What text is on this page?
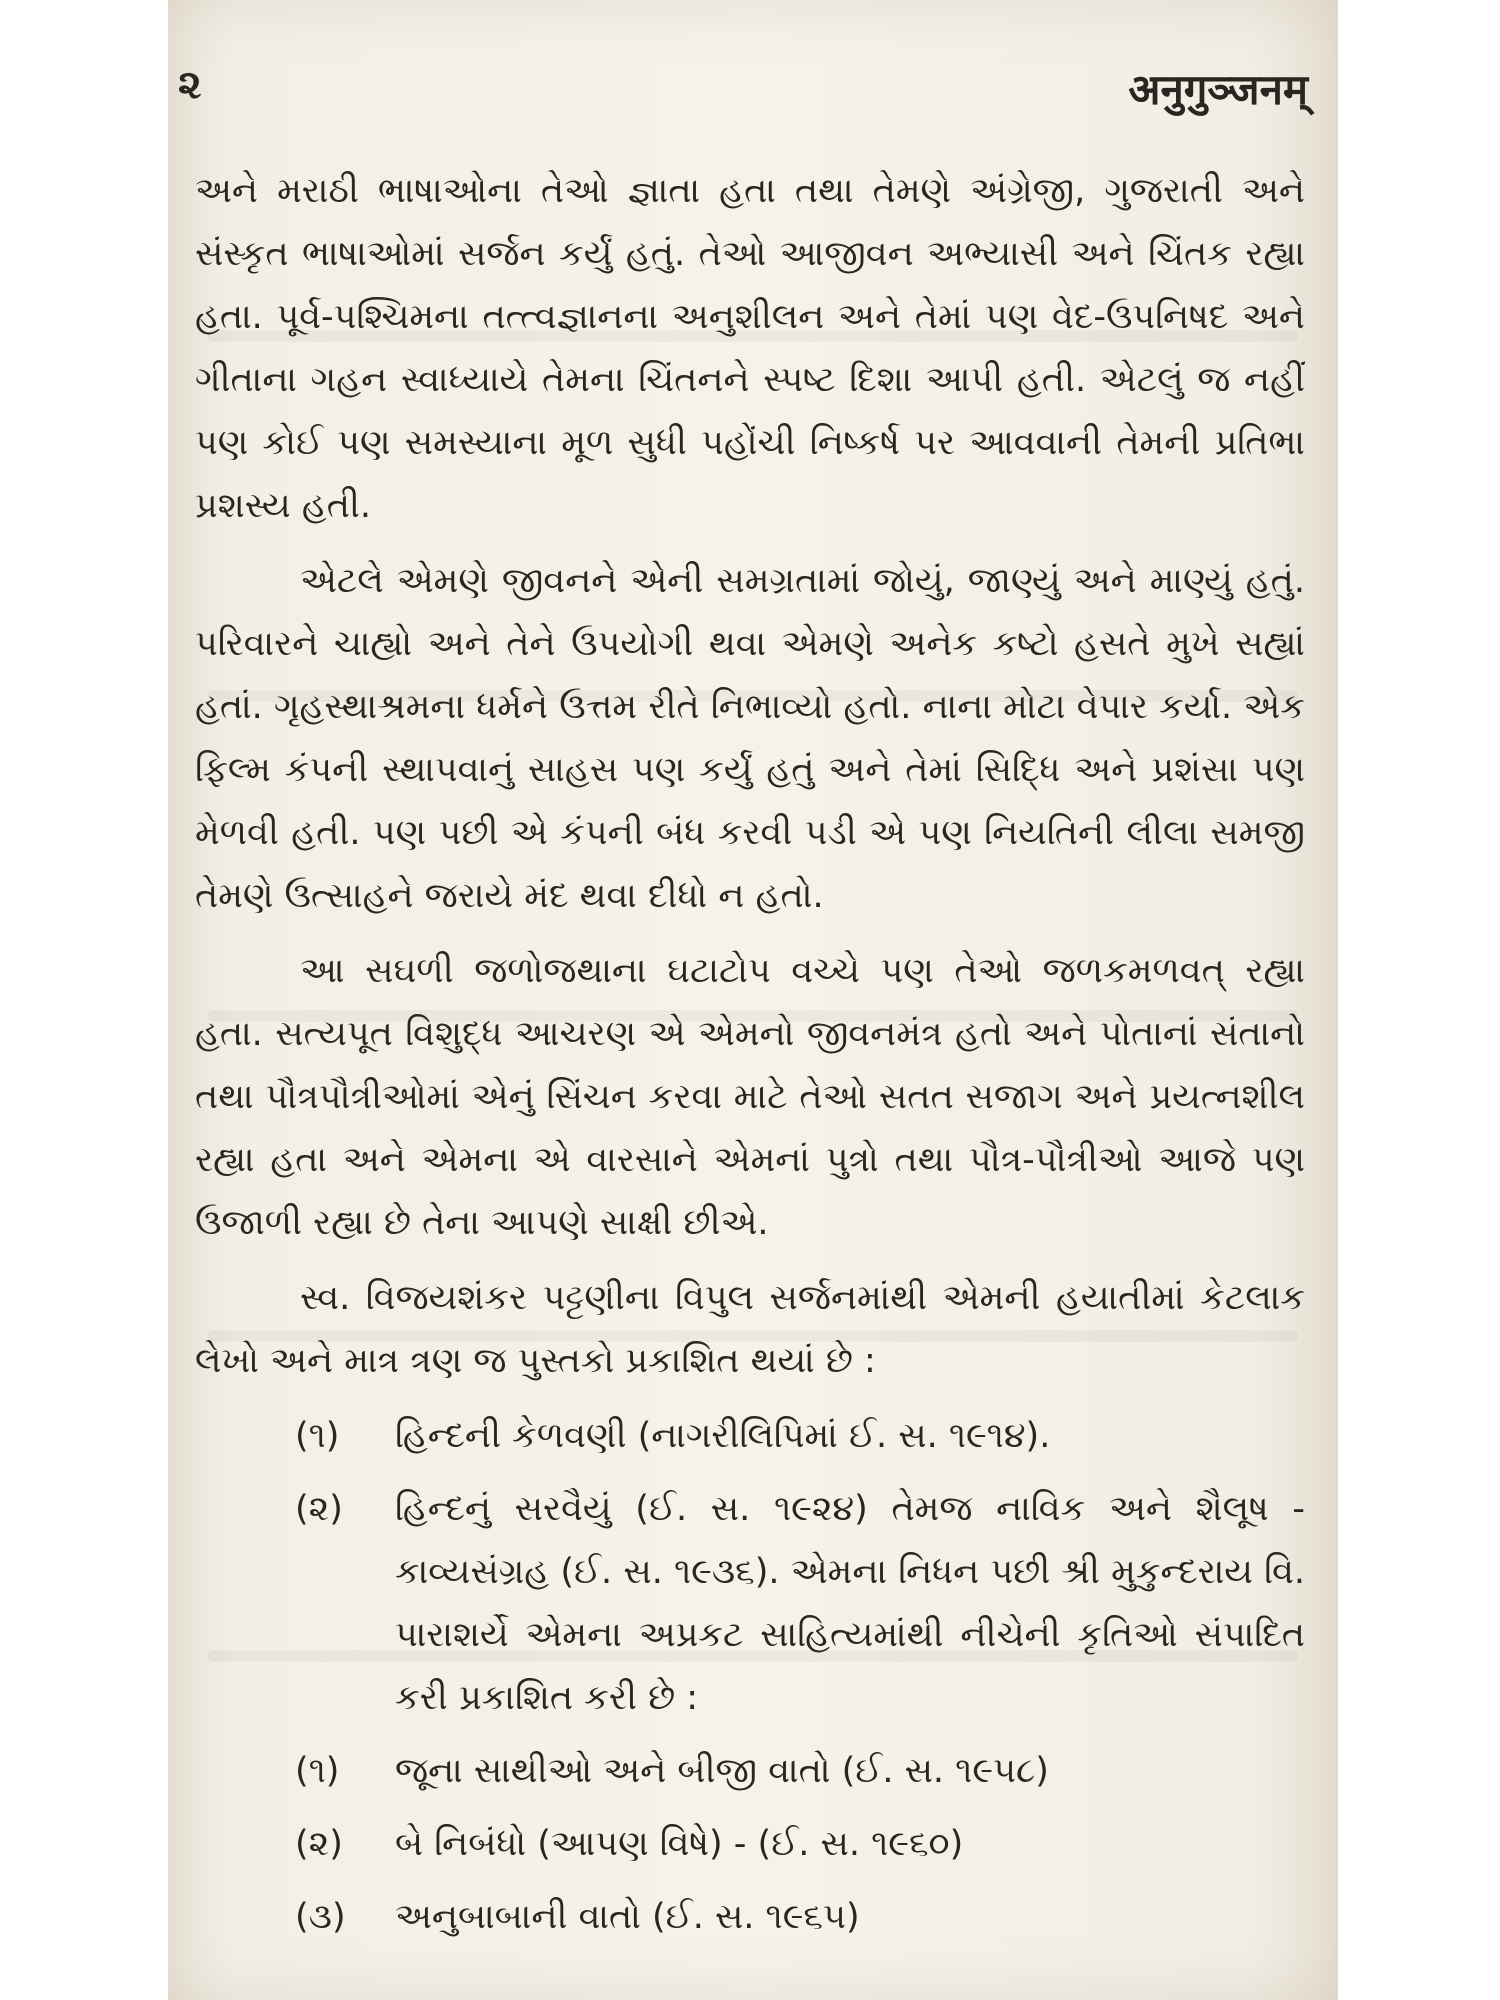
૨	अनुगुञ्जनम्

અને મરાઠી ભાષાઓના તેઓ જ્ઞાતા હતા તથા તેમણે અંગ્રેજી, ગુજરાતી અને સંસ્કૃત ભાષાઓમાં સર્જન કર્યું હતું. તેઓ આજીવન અભ્યાસી અને ચિંતક રહ્યા હતા. પૂર્વ-પશ્ચિમના તત્ત્વજ્ઞાનના અનુશીલન અને તેમાં પણ વેદ-ઉપનિષદ અને ગીતાના ગહન સ્વાધ્યાયે તેમના ચિંતનને સ્પષ્ટ દિશા આપી હતી. એટલું જ નહીં પણ કોઈ પણ સમસ્યાના મૂળ સુધી પહોંચી નિષ્કર્ષ પર આવવાની તેમની પ્રતિભા પ્રશસ્ય હતી.

એટલે એમણે જીવનને એની સમગ્રતામાં જોયું, જાણ્યું અને માણ્યું હતું. પરિવારને ચાહ્યો અને તેને ઉપયોગી થવા એમણે અનેક કષ્ટો હસતે મુખે સહ્યાં હતાં. ગૃહસ્થાશ્રમના ધર્મને ઉત્તમ રીતે નિભાવ્યો હતો. નાના મોટા વેપાર કર્યા. એક ફિલ્મ કંપની સ્થાપવાનું સાહસ પણ કર્યું હતું અને તેમાં સિદ્ધિ અને પ્રશંસા પણ મેળવી હતી. પણ પછી એ કંપની બંધ કરવી પડી એ પણ નિયતિની લીલા સમજી તેમણે ઉત્સાહને જરાયે મંદ થવા દીધો ન હતો.

આ સઘળી જળોજથાના ઘટાટોપ વચ્ચે પણ તેઓ જળકમળવત્ રહ્યા હતા. સત્યપૂત વિશુદ્ધ આચરણ એ એમનો જીવનમંત્ર હતો અને પોતાનાં સંતાનો તથા પૌત્રપૌત્રીઓમાં એનું સિંચન કરવા માટે તેઓ સતત સજાગ અને પ્રયત્નશીલ રહ્યા હતા અને એમના એ વારસાને એમનાં પુત્રો તથા પૌત્ર-પૌત્રીઓ આજે પણ ઉજાળી રહ્યા છે તેના આપણે સાક્ષી છીએ.

સ્વ. વિજયશંકર પટ્ટણીના વિપુલ સર્જનમાંથી એમની હયાતીમાં કેટલાક લેખો અને માત્ર ત્રણ જ પુસ્તકો પ્રકાશિત થયાં છે :

(૧)	હિન્દની કેળવણી (નાગરીલિપિમાં ઈ. સ. ૧૯૧૪).
(૨)	હિન્દનું સરવૈયું (ઈ. સ. ૧૯૨૪) તેમજ નાવિક અને શૈલૂષ - કાવ્યસંગ્રહ (ઈ. સ. ૧૯૩૬). એમના નિધન પછી શ્રી મુકુન્દરાય વિ. પારાશર્યે એમના અપ્રકટ સાહિત્યમાંથી નીચેની કૃતિઓ સંપાદિત કરી પ્રકાશિત કરી છે :
(૧)	જૂના સાથીઓ અને બીજી વાતો (ઈ. સ. ૧૯૫૮)
(૨)	બે નિબંધો (આપણ વિષે) - (ઈ. સ. ૧૯૬૦)
(૩)	અનુબાબાની વાતો (ઈ. સ. ૧૯૬૫)
